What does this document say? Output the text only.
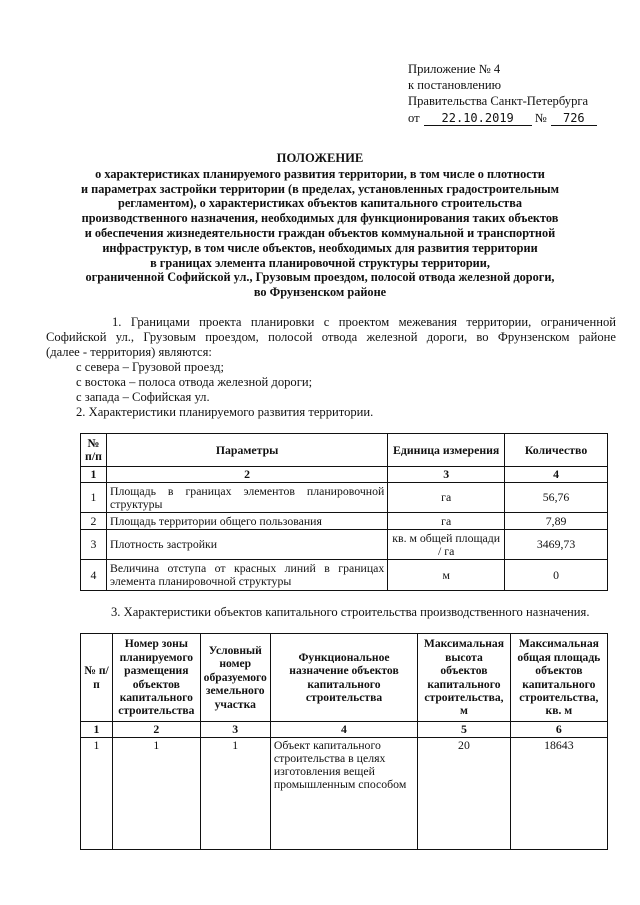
Приложение № 4
к постановлению
Правительства Санкт-Петербурга
от 22.10.2019 № 726
ПОЛОЖЕНИЕ
о характеристиках планируемого развития территории, в том числе о плотности
и параметрах застройки территории (в пределах, установленных градостроительным
регламентом), о характеристиках объектов капитального строительства
производственного назначения, необходимых для функционирования таких объектов
и обеспечения жизнедеятельности граждан объектов коммунальной и транспортной
инфраструктур, в том числе объектов, необходимых для развития территории
в границах элемента планировочной структуры территории,
ограниченной Софийской ул., Грузовым проездом, полосой отвода железной дороги,
во Фрунзенском районе

1. Границами проекта планировки с проектом межевания территории, ограниченной

Софийской ул., Грузовым проездом, полосой отвода железной дороги, во Фрунзенском районе

(далее - территория) являются:

с севера – Грузовой проезд;

с востока – полоса отвода железной дороги;

с запада – Софийская ул.

2. Характеристики планируемого развития территории.

№ п/п	Параметры	Единица измерения	Количество
1	2	3	4
1	Площадь в границах элементов планировочной структуры	га	56,76
2	Площадь территории общего пользования	га	7,89
3	Плотность застройки	кв. м общей площади / га	3469,73
4	Величина отступа от красных линий в границах элемента планировочной структуры	м	0
3. Характеристики объектов капитального строительства производственного назначения.
№ п/п	Номер зоны планируемого размещения объектов капитального строительства	Условный номер образуемого земельного участка	Функциональное назначение объектов капитального строительства	Максимальная высота объектов капитального строительства, м	Максимальная общая площадь объектов капитального строительства, кв. м
1	2	3	4	5	6
1	1	1	Объект капитального строительства в целях изготовления вещей промышленным способом	20	18643
